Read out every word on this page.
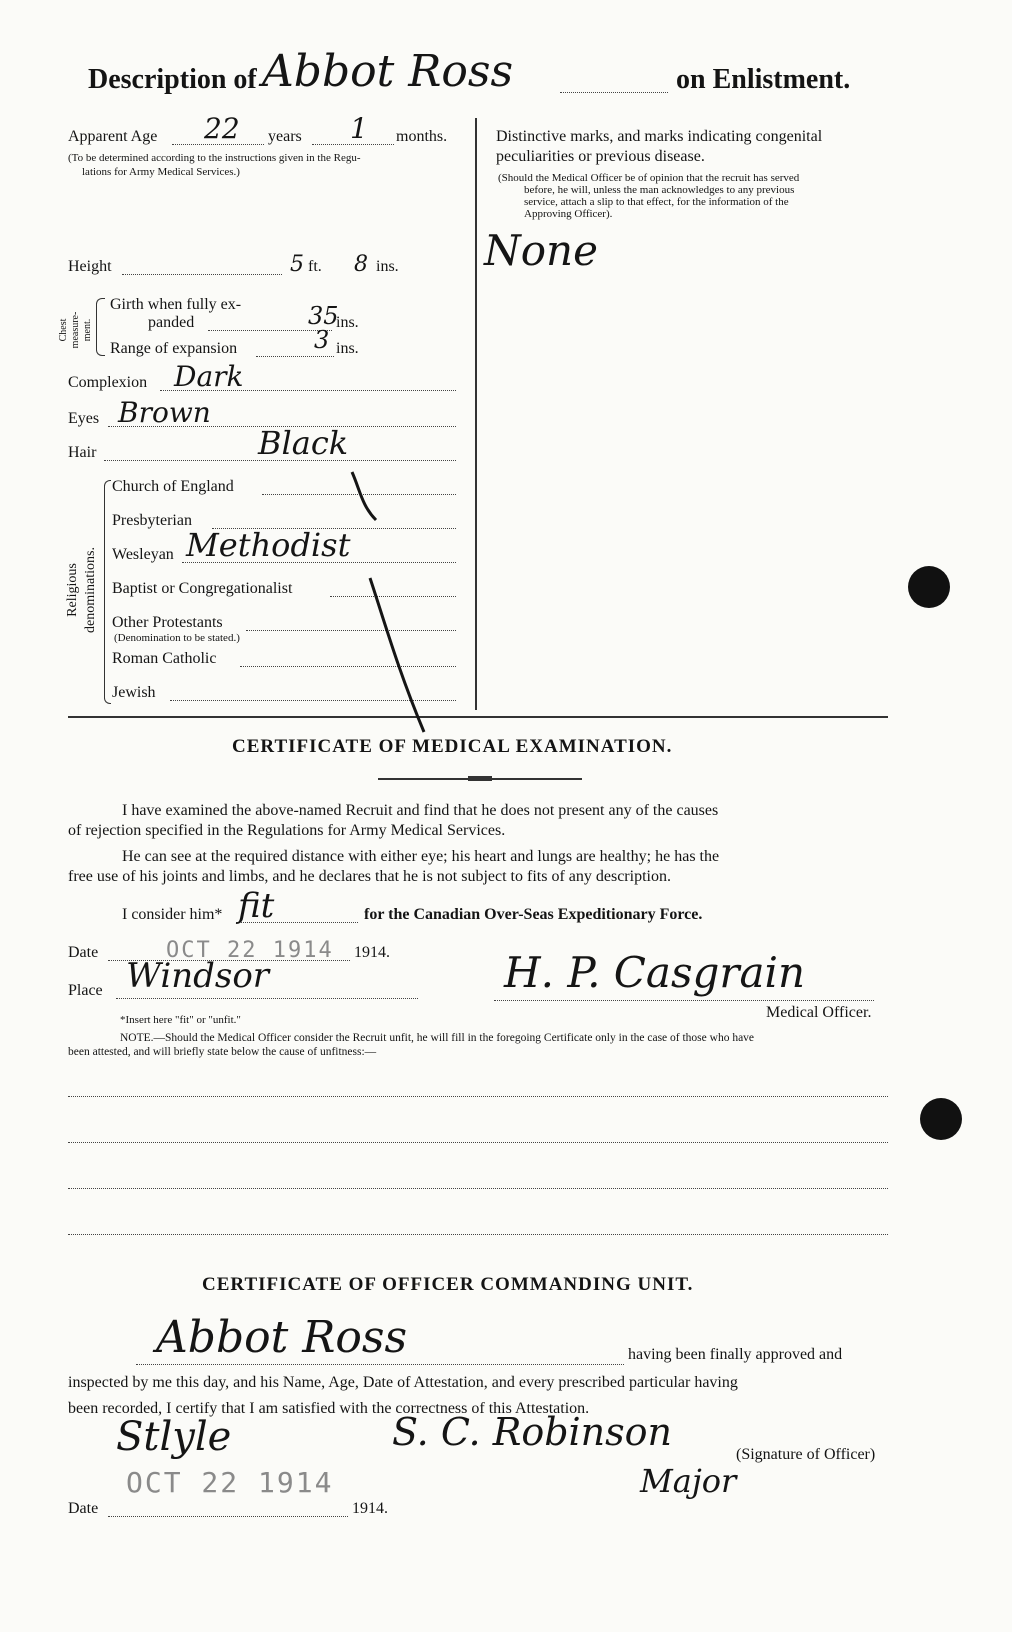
Description of Abbot Ross	on Enlistment.
Apparent Age 22 years 1 months.
(To be determined according to the instructions given in the Regu-
lations for Army Medical Services.)
Height	5 ft. 8 ins.
Chest measure- ment.
Girth when fully ex-
panded	35
ins.
Range of expansion	3 ins.
Complexion Dark
Eyes Brown
Hair	Black
Religious denominations.
Church of England
Presbyterian
Wesleyan Methodist
Baptist or Congregationalist
Other Protestants
(Denomination to be stated.)
Roman Catholic
Jewish
Distinctive marks, and marks indicating congenital
peculiarities or previous disease.
(Should the Medical Officer be of opinion that the recruit has served
before, he will, unless the man acknowledges to any previous
service, attach a slip to that effect, for the information of the
Approving Officer).
None
CERTIFICATE OF MEDICAL EXAMINATION.
I have examined the above-named Recruit and find that he does not present any of the causes
of rejection specified in the Regulations for Army Medical Services.
He can see at the required distance with either eye; his heart and lungs are healthy; he has the
free use of his joints and limbs, and he declares that he is not subject to fits of any description.
I consider him* fit	for the Canadian Over-Seas Expeditionary Force.
Date	OCT 22 1914 1914.
Place Windsor	H. P. Casgrain
Medical Officer.
*Insert here "fit" or "unfit."
NOTE.—Should the Medical Officer consider the Recruit unfit, he will fill in the foregoing Certificate only in the case of those who have
been attested, and will briefly state below the cause of unfitness:—
CERTIFICATE OF OFFICER COMMANDING UNIT.
Abbot Ross	having been finally approved and
inspected by me this day, and his Name, Age, Date of Attestation, and every prescribed particular having
been recorded, I certify that I am satisfied with the correctness of this Attestation.
Stlyle
OCT 22 1914
S. C. Robinson
(Signature of Officer)
Major
Date	1914.
